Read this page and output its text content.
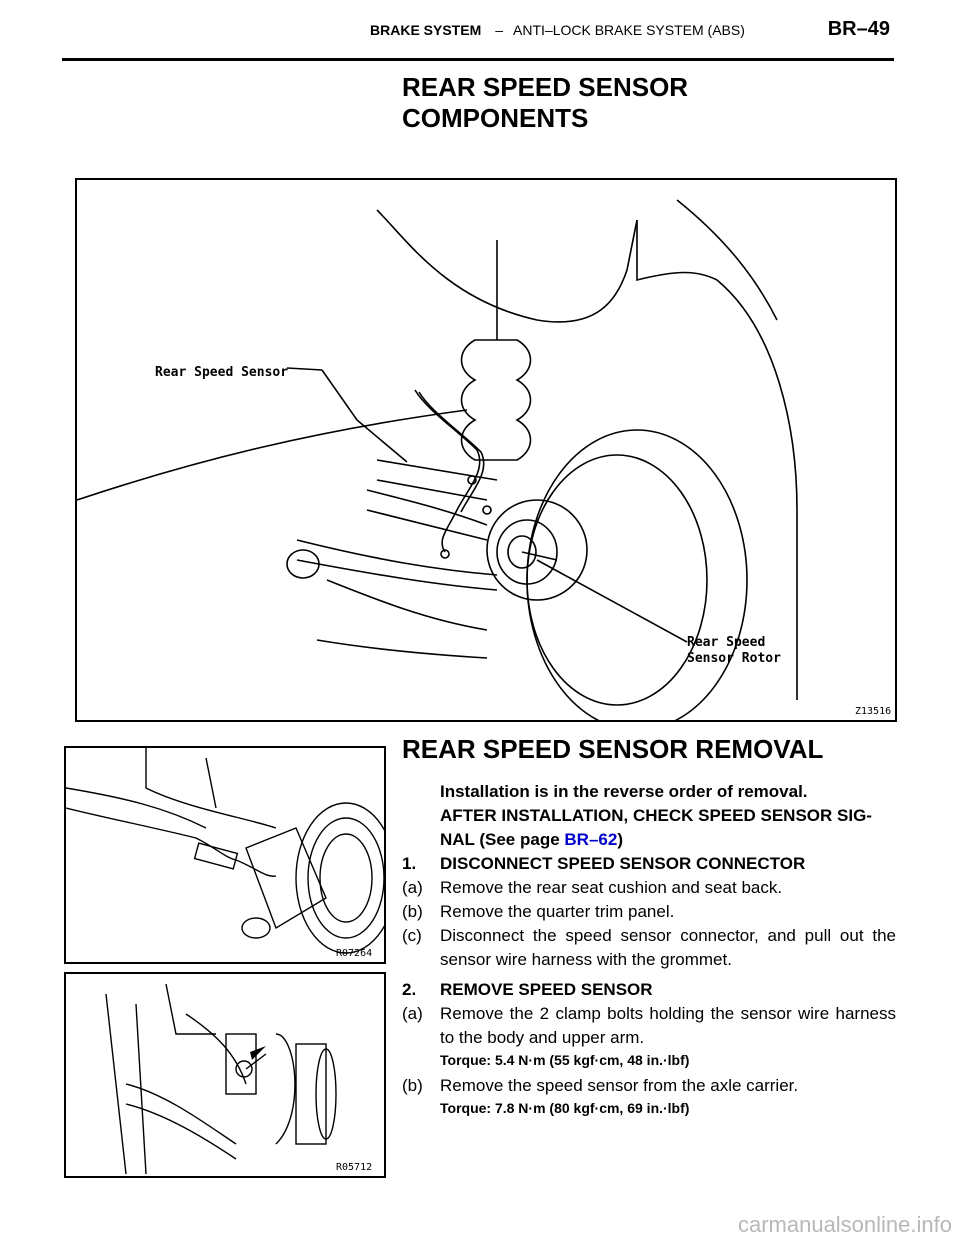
BRAKE SYSTEM – ANTI–LOCK BRAKE SYSTEM (ABS)	BR–49
REAR SPEED SENSOR
COMPONENTS
Rear Speed Sensor
Rear Speed
Sensor Rotor
Z13516
REAR SPEED SENSOR REMOVAL
R07264
R05712
Installation is in the reverse order of removal.
AFTER INSTALLATION, CHECK SPEED SENSOR SIG-NAL (See page BR–62)
1.	DISCONNECT SPEED SENSOR CONNECTOR
(a)	Remove the rear seat cushion and seat back.
(b)	Remove the quarter trim panel.
(c)	Disconnect the speed sensor connector, and pull out the sensor wire harness with the grommet.
2.	REMOVE SPEED SENSOR
(a)	Remove the 2 clamp bolts holding the sensor wire harness to the body and upper arm.
Torque: 5.4 N·m (55 kgf·cm, 48 in.·lbf)
(b)	Remove the speed sensor from the axle carrier.
Torque: 7.8 N·m (80 kgf·cm, 69 in.·lbf)
carmanualsonline.info
